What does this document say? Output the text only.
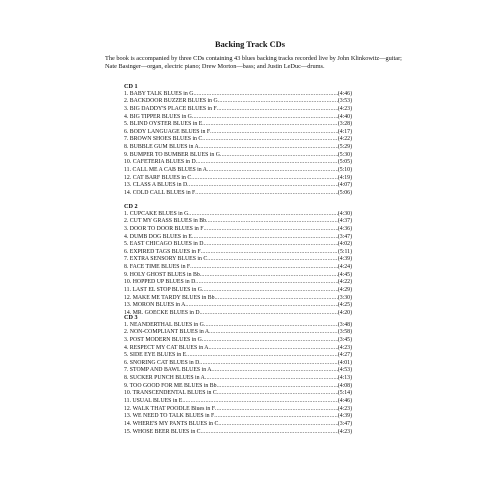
Backing Track CDs
The book is accompanied by three CDs containing 43 blues backing tracks recorded live by John Klinkowitz—guitar; Nate Basinger—organ, electric piano; Drew Morton—bass; and Justin LeDuc—drums.
CD 1
1. BABY TALK BLUES in G .....	(4:46)
2. BACKDOOR BUZZER BLUES in G .....	(3:53)
3. BIG DADDY'S PLACE BLUES in F .....	(4:23)
4. BIG TIPPER BLUES in G .....	(4:40)
5. BLIND OYSTER BLUES in E .....	(3:28)
6. BODY LANGUAGE BLUES in F .....	(4:17)
7. BROWN SHOES BLUES in C .....	(4:22)
8. BUBBLE GUM BLUES in A .....	(5:29)
9. BUMPER TO BUMBER BLUES in G .....	(5:30)
10. CAFETERIA BLUES in D .....	(5:05)
11. CALL ME A CAB BLUES in A .....	(5:10)
12. CAT BARF BLUES in C .....	(4:19)
13. CLASS A BLUES in D .....	(4:07)
14. COLD CALL BLUES in F .....	(5:06)
CD 2
1. CUPCAKE BLUES in G .....	(4:30)
2. CUT MY GRASS BLUES in Bb .....	(4:37)
3. DOOR TO DOOR BLUES in F .....	(4:36)
4. DUMB DOG BLUES in E .....	(3:47)
5. EAST CHICAGO BLUES in D .....	(4:02)
6. EXPIRED TAGS BLUES in F .....	(5:11)
7. EXTRA SENSORY BLUES in C .....	(4:39)
8. FACE TIME BLUES in F .....	(4:24)
9. HOLY GHOST BLUES in Bb .....	(4:45)
10. HOPPED UP BLUES in D .....	(4:22)
11. LAST EL STOP BLUES in G .....	(4:29)
12. MAKE ME TARDY BLUES in Bb .....	(3:30)
13. MORON BLUES in A .....	(4:25)
14. MR. GOECKE BLUES in D .....	(4:20)
CD 3
1. NEANDERTHAL BLUES in G .....	(3:48)
2. NON-COMPLIANT BLUES in A .....	(3:58)
3. POST MODERN BLUES in G .....	(3:45)
4. RESPECT MY CAT BLUES in A .....	(4:23)
5. SIDE EYE BLUES in E .....	(4:27)
6. SNORING CAT BLUES in D .....	(4:01)
7. STOMP AND BAWL BLUES in A .....	(4:53)
8. SUCKER PUNCH BLUES in A .....	(4:13)
9. TOO GOOD FOR ME BLUES in Bb .....	(4:08)
10. TRANSCENDENTAL BLUES in C .....	(5:14)
11. USUAL BLUES in E .....	(4:46)
12. WALK THAT POODLE Blues in F .....	(4:23)
13. WE NEED TO TALK BLUES in F .....	(4:39)
14. WHERE'S MY PANTS BLUES in C .....	(3:47)
15. WHOSE BEER BLUES in C .....	(4:23)
